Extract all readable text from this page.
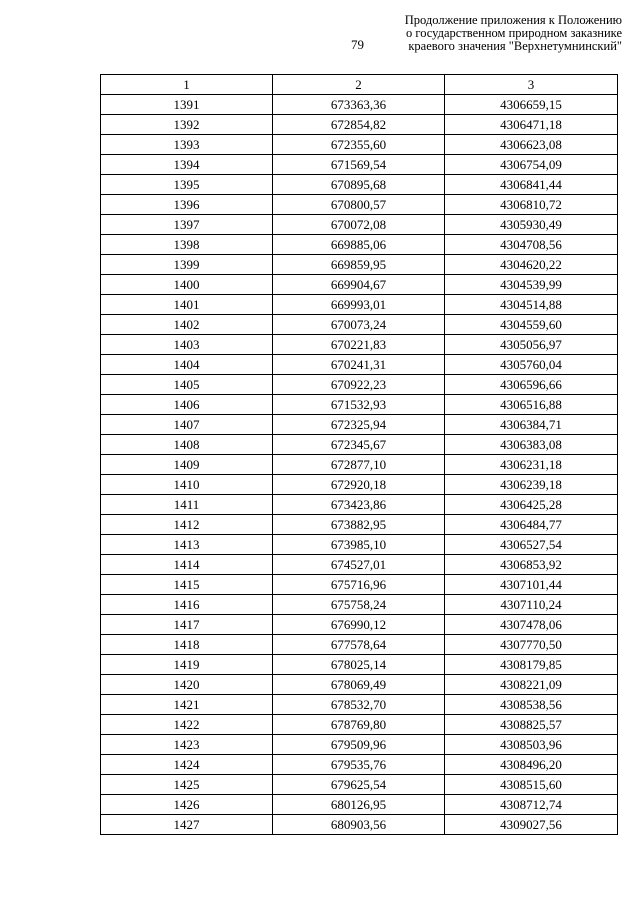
79
Продолжение приложения к Положению
о государственном природном заказнике
краевого значения "Верхнетумнинский"
1	2	3
1391	673363,36	4306659,15
1392	672854,82	4306471,18
1393	672355,60	4306623,08
1394	671569,54	4306754,09
1395	670895,68	4306841,44
1396	670800,57	4306810,72
1397	670072,08	4305930,49
1398	669885,06	4304708,56
1399	669859,95	4304620,22
1400	669904,67	4304539,99
1401	669993,01	4304514,88
1402	670073,24	4304559,60
1403	670221,83	4305056,97
1404	670241,31	4305760,04
1405	670922,23	4306596,66
1406	671532,93	4306516,88
1407	672325,94	4306384,71
1408	672345,67	4306383,08
1409	672877,10	4306231,18
1410	672920,18	4306239,18
1411	673423,86	4306425,28
1412	673882,95	4306484,77
1413	673985,10	4306527,54
1414	674527,01	4306853,92
1415	675716,96	4307101,44
1416	675758,24	4307110,24
1417	676990,12	4307478,06
1418	677578,64	4307770,50
1419	678025,14	4308179,85
1420	678069,49	4308221,09
1421	678532,70	4308538,56
1422	678769,80	4308825,57
1423	679509,96	4308503,96
1424	679535,76	4308496,20
1425	679625,54	4308515,60
1426	680126,95	4308712,74
1427	680903,56	4309027,56
